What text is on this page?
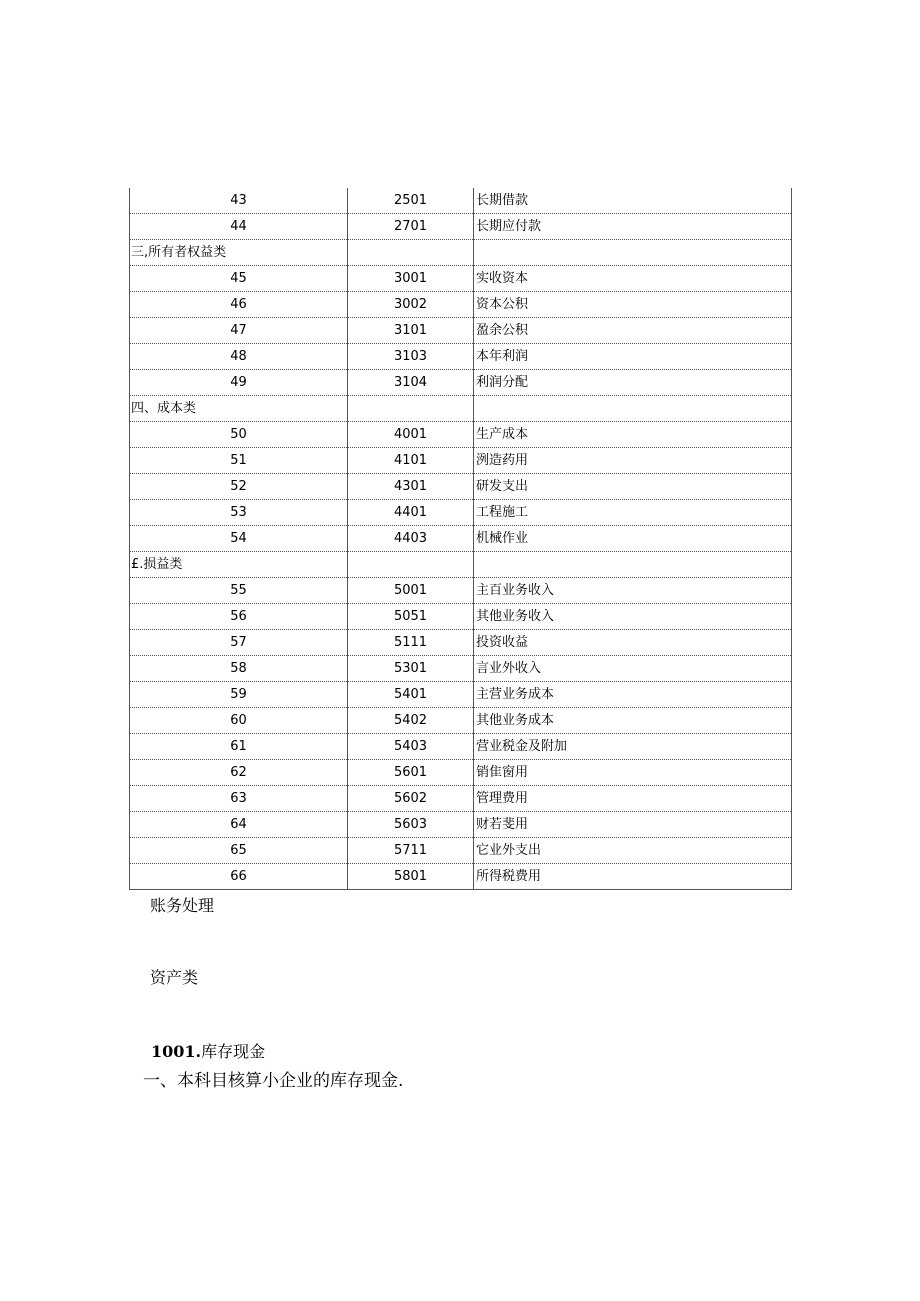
43	2501	长期借款
44	2701	长期应付款
三,所有者权益类		
45	3001	实收资本
46	3002	资本公积
47	3101	盈余公积
48	3103	本年利润
49	3104	利润分配
四、成本类		
50	4001	生产成本
51	4101	洌造药用
52	4301	研发支出
53	4401	工程施工
54	4403	机械作业
£.损益类		
55	5001	主百业务收入
56	5051	其他业务收入
57	5111	投资收益
58	5301	言业外收入
59	5401	主营业务成本
60	5402	其他业务成本
61	5403	营业税金及附加
62	5601	销隹窗用
63	5602	管理费用
64	5603	财若斐用
65	5711	它业外支出
66	5801	所得税费用
账务处理
资产类
1001.库存现金
一、本科目核算小企业的库存现金.
